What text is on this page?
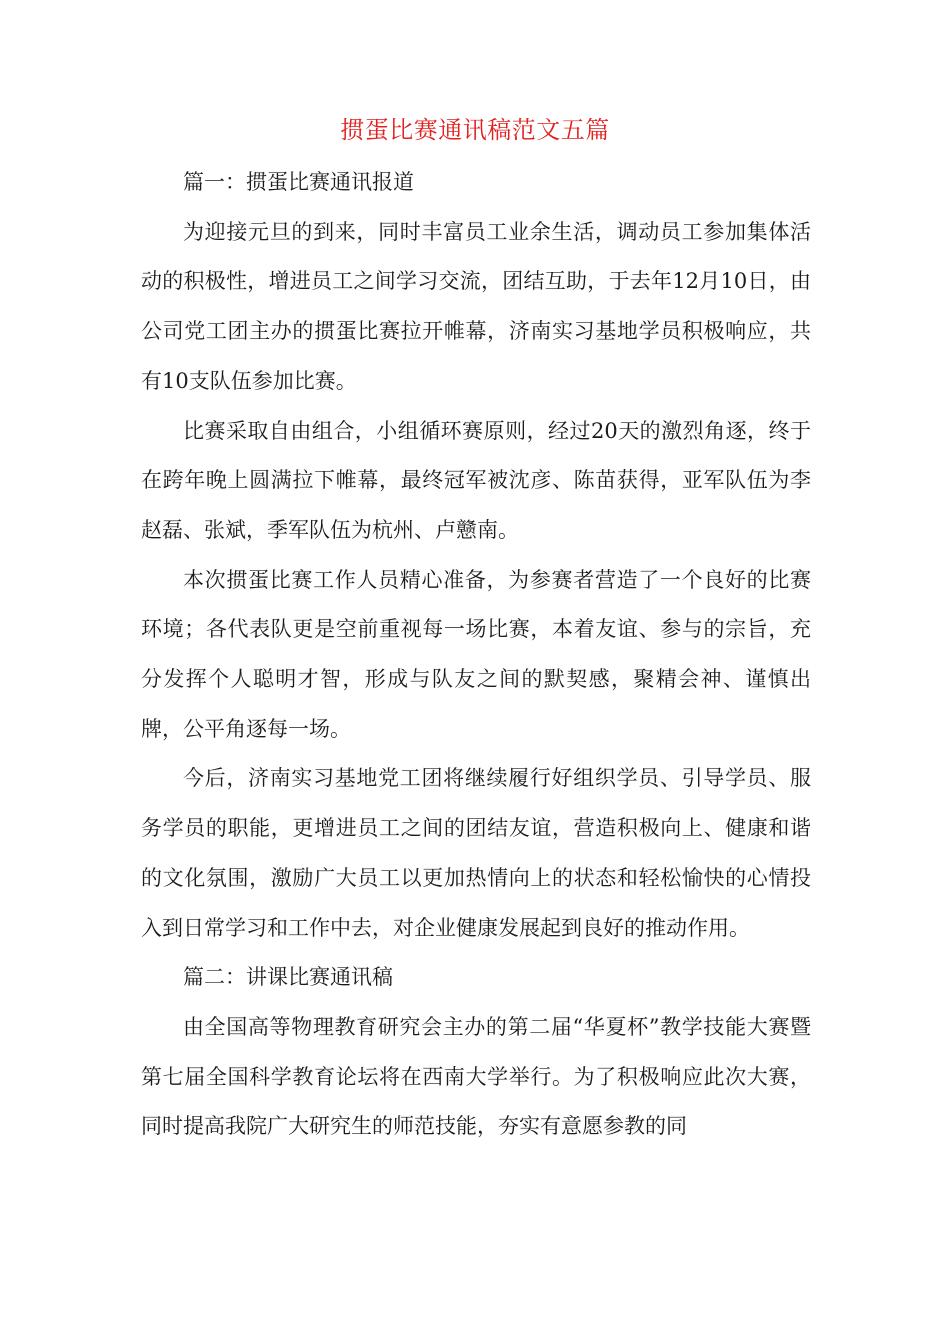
掼蛋比赛通讯稿范文五篇

篇一：掼蛋比赛通讯报道

为迎接元旦的到来，同时丰富员工业余生活，调动员工参加集体活动的积极性，增进员工之间学习交流，团结互助，于去年12月10日，由公司党工团主办的掼蛋比赛拉开帷幕，济南实习基地学员积极响应，共有10支队伍参加比赛。

比赛采取自由组合，小组循环赛原则，经过20天的激烈角逐，终于在跨年晚上圆满拉下帷幕，最终冠军被沈彦、陈苗获得，亚军队伍为李赵磊、张斌，季军队伍为杭州、卢戆南。

本次掼蛋比赛工作人员精心准备，为参赛者营造了一个良好的比赛环境；各代表队更是空前重视每一场比赛，本着友谊、参与的宗旨，充分发挥个人聪明才智，形成与队友之间的默契感，聚精会神、谨慎出牌，公平角逐每一场。

今后，济南实习基地党工团将继续履行好组织学员、引导学员、服务学员的职能，更增进员工之间的团结友谊，营造积极向上、健康和谐的文化氛围，激励广大员工以更加热情向上的状态和轻松愉快的心情投入到日常学习和工作中去，对企业健康发展起到良好的推动作用。

篇二：讲课比赛通讯稿

由全国高等物理教育研究会主办的第二届“华夏杯”教学技能大赛暨第七届全国科学教育论坛将在西南大学举行。为了积极响应此次大赛，同时提高我院广大研究生的师范技能，夯实有意愿参教的同
